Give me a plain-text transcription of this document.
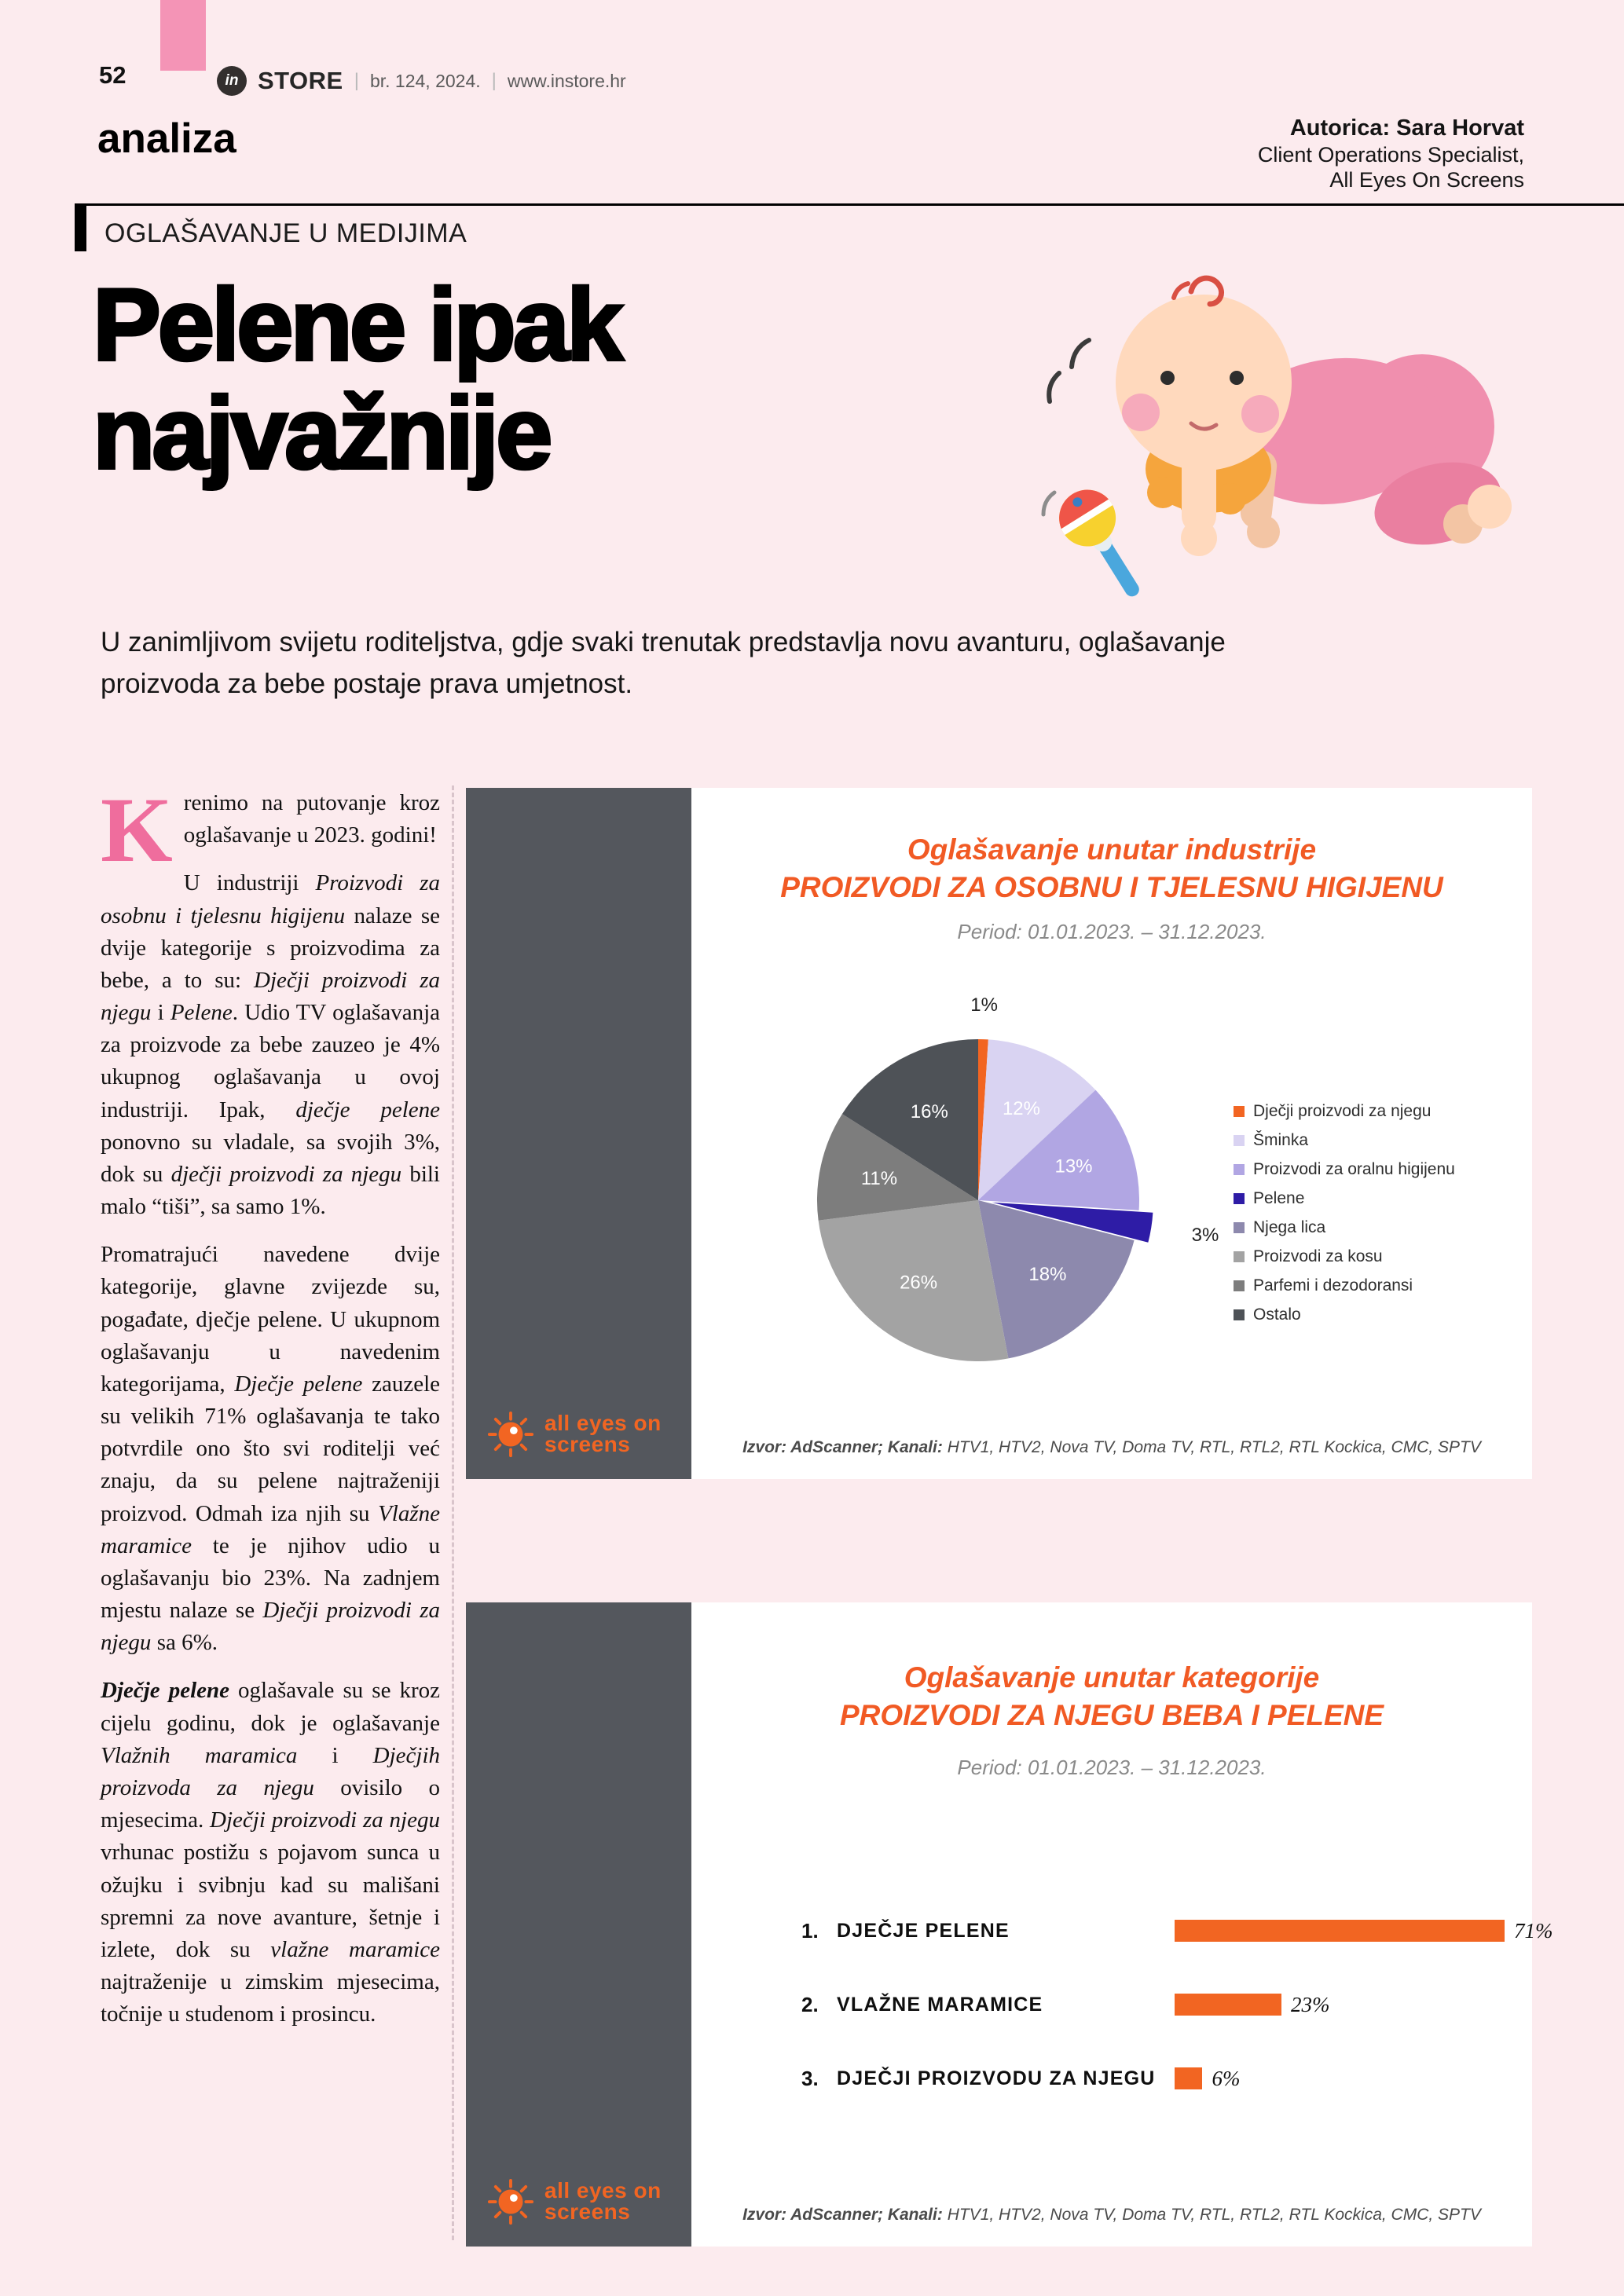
52	in STORE | br. 124, 2024. | www.instore.hr
analiza	Autorica: Sara Horvat
Client Operations Specialist,
All Eyes On Screens
OGLAŠAVANJE U MEDIJIMA
Pelene ipak
najvažnije
U zanimljivom svijetu roditeljstva, gdje svaki trenutak predstavlja novu avanturu, oglašavanje proizvoda za bebe postaje prava umjetnost.

Krenimo na putovanje kroz oglašavanje u 2023. godini!

U industriji Proizvodi za osobnu i tjelesnu higijenu nalaze se dvije kategorije s proizvodima za bebe, a to su: Dječji proizvodi za njegu i Pelene. Udio TV oglašavanja za proizvode za bebe zauzeo je 4% ukupnog oglašavanja u ovoj industriji. Ipak, dječje pelene ponovno su vladale, sa svojih 3%, dok su dječji proizvodi za njegu bili malo “tiši”, sa samo 1%.

Promatrajući navedene dvije kategorije, glavne zvijezde su, pogađate, dječje pelene. U ukupnom oglašavanju u navedenim kategorijama, Dječje pelene zauzele su velikih 71% oglašavanja te tako potvrdile ono što svi roditelji već znaju, da su pelene najtraženiji proizvod. Odmah iza njih su Vlažne maramice te je njihov udio u oglašavanju bio 23%. Na zadnjem mjestu nalaze se Dječji proizvodi za njegu sa 6%.

Dječje pelene oglašavale su se kroz cijelu godinu, dok je oglašavanje Vlažnih maramica i Dječjih proizvoda za njegu ovisilo o mjesecima. Dječji proizvodi za njegu vrhunac postižu s pojavom sunca u ožujku i svibnju kad su mališani spremni za nove avanture, šetnje i izlete, dok su vlažne maramice najtraženije u zimskim mjesecima, točnije u studenom i prosincu.

all eyes on
screens
Oglašavanje unutar industrije
PROIZVODI ZA OSOBNU I TJELESNU HIGIJENU
Period: 01.01.2023. – 31.12.2023.
1%
12%
13%
3%
18%
26%
11%
16%	Dječji proizvodi za njegu
Šminka
Proizvodi za oralnu higijenu
Pelene
Njega lica
Proizvodi za kosu
Parfemi i dezodoransi
Ostalo
Izvor: AdScanner; Kanali: HTV1, HTV2, Nova TV, Doma TV, RTL, RTL2, RTL Kockica, CMC, SPTV
all eyes on
screens
Oglašavanje unutar kategorije
PROIZVODI ZA NJEGU BEBA I PELENE
Period: 01.01.2023. – 31.12.2023.
1. DJEČJE PELENE	71%
2. VLAŽNE MARAMICE	23%
3. DJEČJI PROIZVODU ZA NJEGU	6%
Izvor: AdScanner; Kanali: HTV1, HTV2, Nova TV, Doma TV, RTL, RTL2, RTL Kockica, CMC, SPTV
